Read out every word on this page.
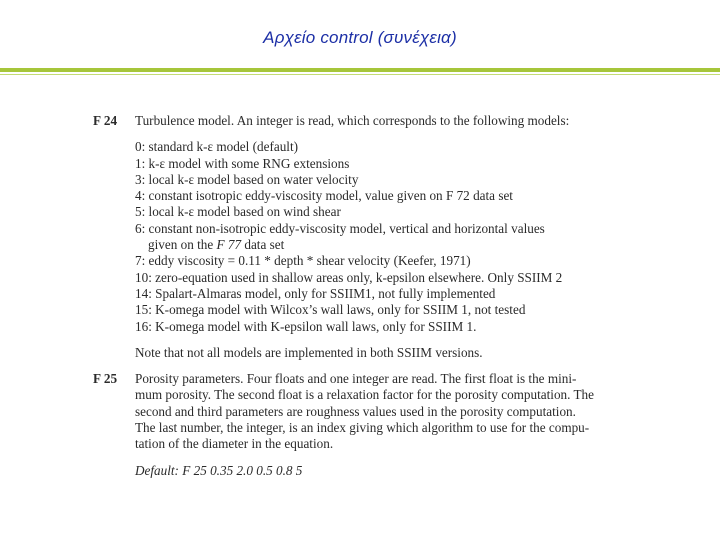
Αρχείο control (συνέχεια)
F 24	Turbulence model. An integer is read, which corresponds to the following models:
0: standard k-ε model (default)
1: k-ε model with some RNG extensions
3: local k-ε model based on water velocity
4: constant isotropic eddy-viscosity model, value given on F 72 data set
5: local k-ε model based on wind shear
6: constant non-isotropic eddy-viscosity model, vertical and horizontal values
given on the F 77 data set
7: eddy viscosity = 0.11 * depth * shear velocity (Keefer, 1971)
10: zero-equation used in shallow areas only, k-epsilon elsewhere. Only SSIIM 2
14: Spalart-Almaras model, only for SSIIM1, not fully implemented
15: K-omega model with Wilcox’s wall laws, only for SSIIM 1, not tested
16: K-omega model with K-epsilon wall laws, only for SSIIM 1.
Note that not all models are implemented in both SSIIM versions.
F 25	Porosity parameters. Four floats and one integer are read. The first float is the mini-
mum porosity. The second float is a relaxation factor for the porosity computation. The
second and third parameters are roughness values used in the porosity computation.
The last number, the integer, is an index giving which algorithm to use for the compu-
tation of the diameter in the equation.
Default: F 25 0.35 2.0 0.5 0.8 5
